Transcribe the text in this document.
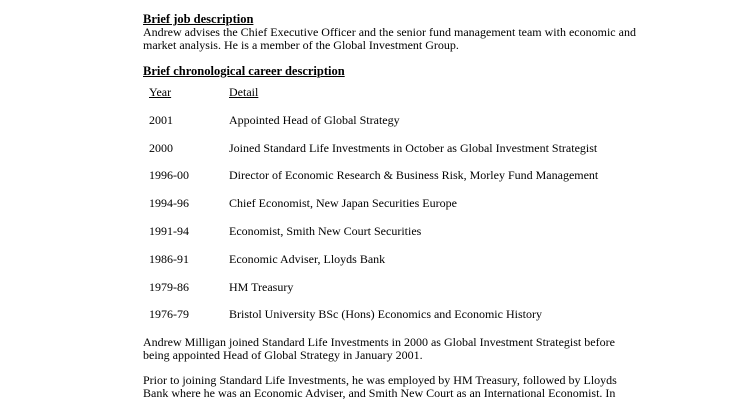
Brief job description
Andrew advises the Chief Executive Officer and the senior fund management team with economic and
market analysis. He is a member of the Global Investment Group.
Brief chronological career description
Year	Detail
2001	Appointed Head of Global Strategy
2000	Joined Standard Life Investments in October as Global Investment Strategist
1996-00	Director of Economic Research & Business Risk, Morley Fund Management
1994-96	Chief Economist, New Japan Securities Europe
1991-94	Economist, Smith New Court Securities
1986-91	Economic Adviser, Lloyds Bank
1979-86	HM Treasury
1976-79	Bristol University BSc (Hons) Economics and Economic History
Andrew Milligan joined Standard Life Investments in 2000 as Global Investment Strategist before
being appointed Head of Global Strategy in January 2001.
Prior to joining Standard Life Investments, he was employed by HM Treasury, followed by Lloyds
Bank where he was an Economic Adviser, and Smith New Court as an International Economist. In
